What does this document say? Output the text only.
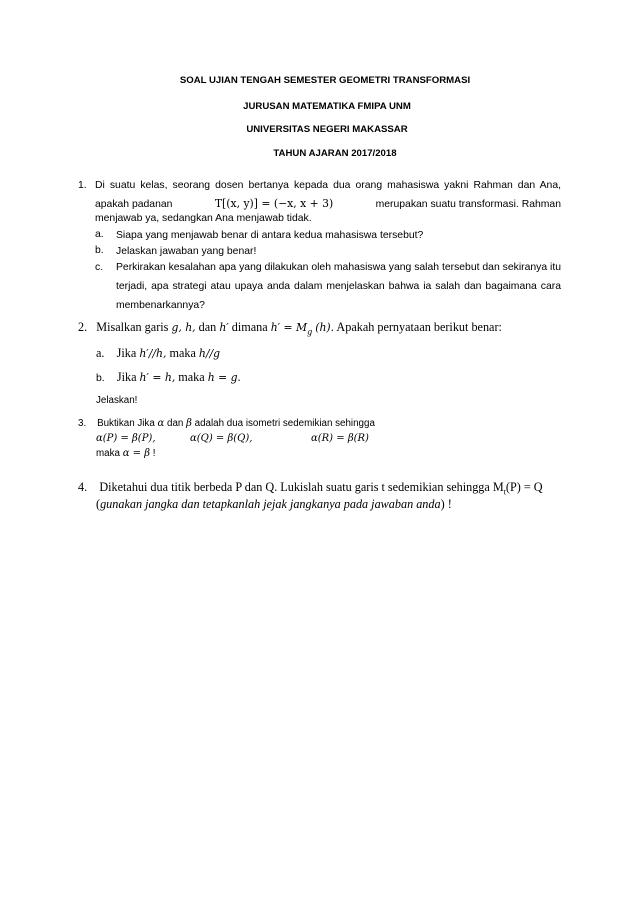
SOAL UJIAN TENGAH SEMESTER GEOMETRI TRANSFORMASI
JURUSAN MATEMATIKA FMIPA UNM
UNIVERSITAS NEGERI MAKASSAR
TAHUN AJARAN 2017/2018
1. Di suatu kelas, seorang dosen bertanya kepada dua orang mahasiswa yakni Rahman dan Ana,
apakah padanan	T[(x, y)] = (−x, x + 3)	merupakan suatu transformasi. Rahman
menjawab ya, sedangkan Ana menjawab tidak.
a. Siapa yang menjawab benar di antara kedua mahasiswa tersebut?
b. Jelaskan jawaban yang benar!
c. Perkirakan kesalahan apa yang dilakukan oleh mahasiswa yang salah tersebut dan sekiranya itu terjadi, apa strategi atau upaya anda dalam menjelaskan bahwa ia salah dan bagaimana cara membenarkannya?
2. Misalkan garis g, h, dan h′ dimana $h' = M_g$ (h). Apakah pernyataan berikut benar:
a. Jika h′//h, maka h//g
b. Jika h′ = h, maka h = g.
Jelaskan!
3. Buktikan Jika α dan β adalah dua isometri sedemikian sehingga
α(P) = β(P),	α(Q) = β(Q),	α(R) = β(R)
maka α = β !
4. Diketahui dua titik berbeda P dan Q. Lukislah suatu garis t sedemikian sehingga $M_t(P) = Q$
(gunakan jangka dan tetapkanlah jejak jangkanya pada jawaban anda) !
